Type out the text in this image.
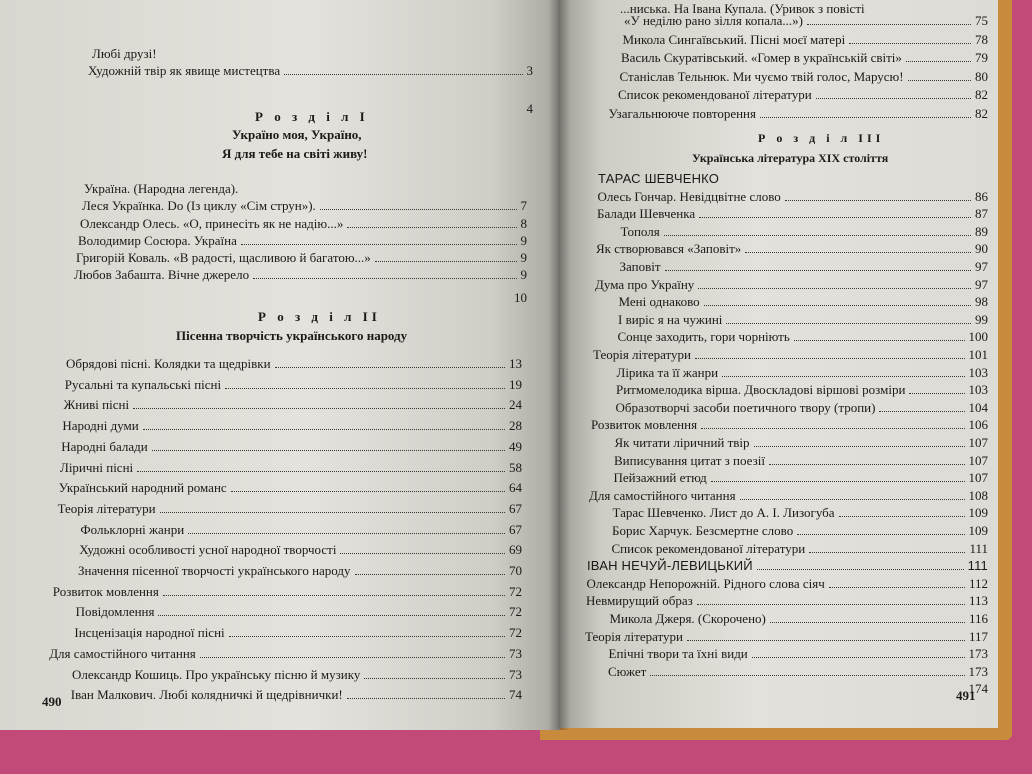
Любі друзі!
Художній твір як явище мистецтва	3
4
Р о з д і л I
Україно моя, Україно,
Я для тебе на світі живу!
Україна. (Народна легенда).
Леся Українка. Do (Із циклу «Сім струн»).	7
Олександр Олесь. «О, принесіть як не надію...»	8
Володимир Сосюра. Україна	9
Григорій Коваль. «В радості, щасливою й багатою...»	9
Любов Забашта. Вічне джерело	9
10
Р о з д і л II
Пісенна творчість українського народу
Обрядові пісні. Колядки та щедрівки	13
Русальні та купальські пісні	19
Жниві пісні	24
Народні думи	28
Народні балади	49
Ліричні пісні	58
Український народний романс	64
Теорія літератури	67
Фольклорні жанри	67
Художні особливості усної народної творчості	69
Значення пісенної творчості українського народу	70
Розвиток мовлення	72
Повідомлення	72
Інсценізація народної пісні	72
Для самостійного читання	73
Олександр Кошиць. Про українську пісню й музику	73
Іван Малкович. Любі колядничкі й щедрівнички!	74
490
...ниська. На Івана Купала. (Уривок з повісті
«У неділю рано зілля копала...»)	75
Микола Сингаївський. Пісні моєї матері	78
Василь Скуратівський. «Гомер в українській світі»	79
Станіслав Тельнюк. Ми чуємо твій голос, Марусю!	80
Список рекомендованої літератури	82
Узагальнююче повторення	82
Р о з д і л III
Українська література XIX століття
ТАРАС ШЕВЧЕНКО
Олесь Гончар. Невідцвітне слово	86
Балади Шевченка	87
Тополя	89
Як створювався «Заповіт»	90
Заповіт	97
Дума про Україну	97
Мені однаково	98
І виріс я на чужині	99
Сонце заходить, гори чорніють	100
Теорія літератури	101
Лірика та її жанри	103
Ритмомелодика вірша. Двоскладові віршові розміри	103
Образотворчі засоби поетичного твору (тропи)	104
Розвиток мовлення	106
Як читати ліричний твір	107
Виписування цитат з поезії	107
Пейзажний етюд	107
Для самостійного читання	108
Тарас Шевченко. Лист до А. І. Лизогуба	109
Борис Харчук. Безсмертне слово	109
Список рекомендованої літератури	111
ІВАН НЕЧУЙ-ЛЕВИЦЬКИЙ	111
Олександр Непорожній. Рідного слова сіяч	112
Невмирущий образ	113
Микола Джеря. (Скорочено)	116
Теорія літератури	117
Епічні твори та їхні види	173
Сюжет	173
174
491
